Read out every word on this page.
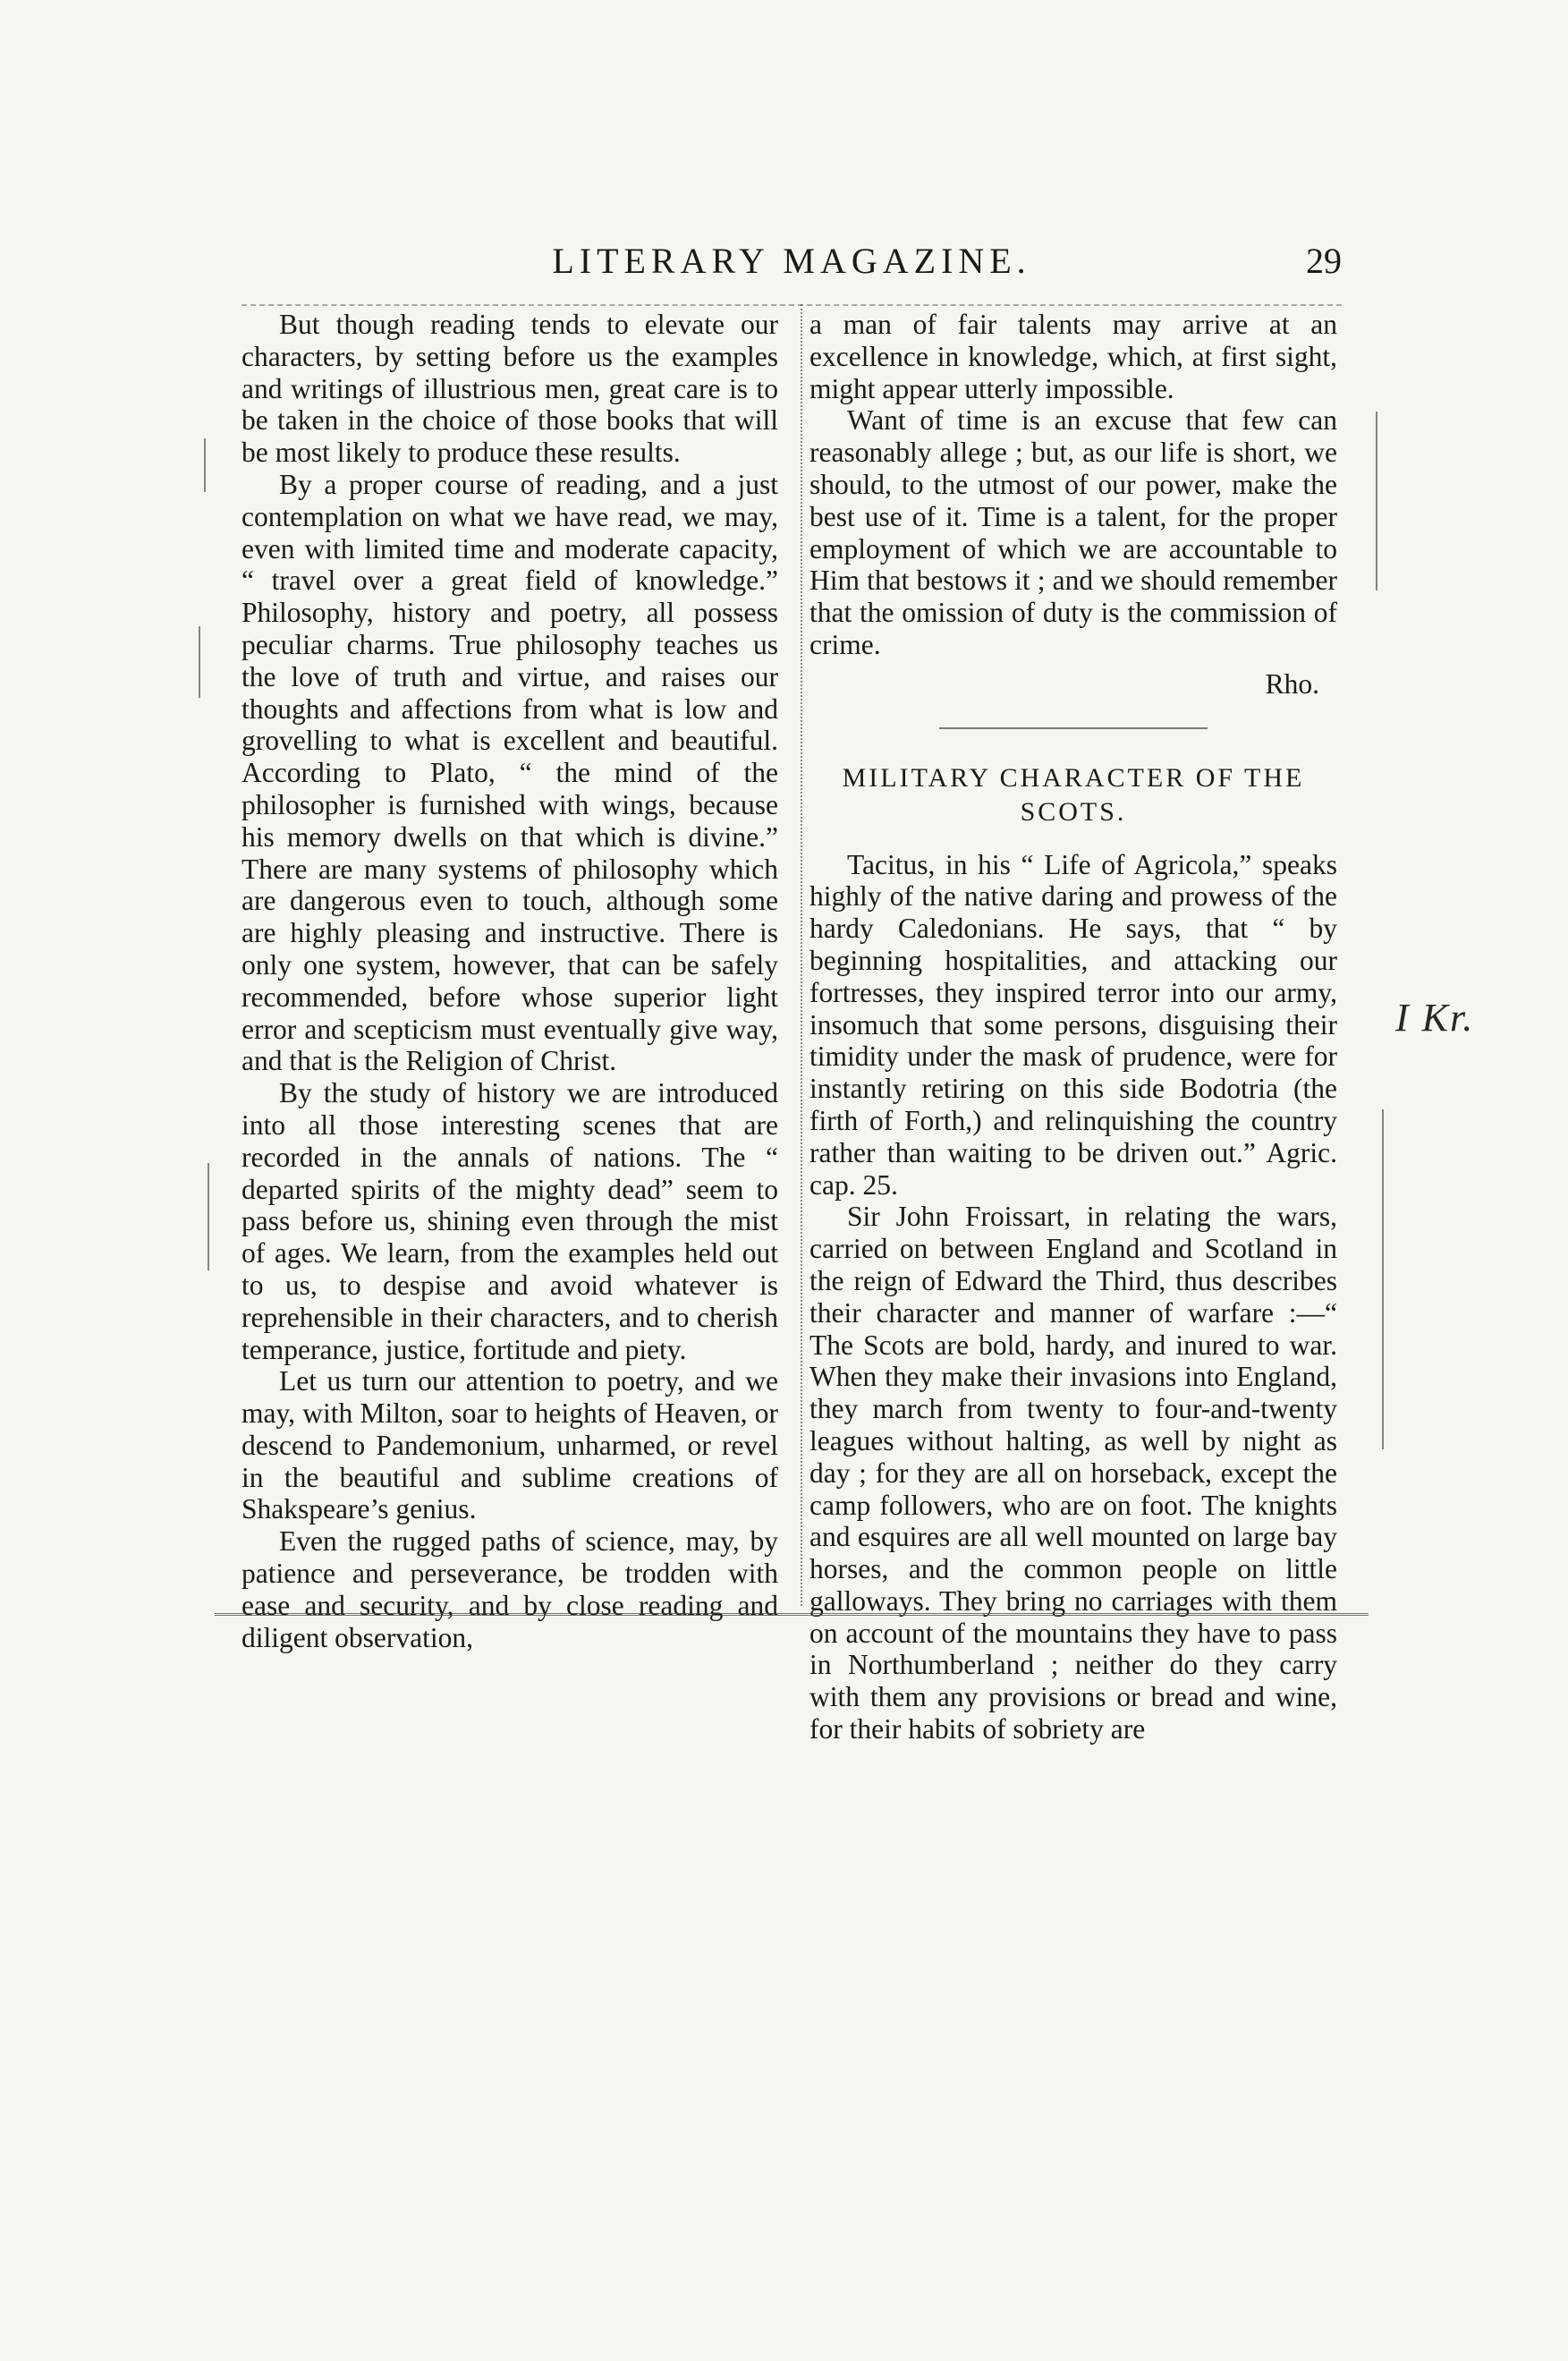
LITERARY MAGAZINE.	29

But though reading tends to elevate our characters, by setting before us the examples and writings of illustrious men, great care is to be taken in the choice of those books that will be most likely to produce these results.

By a proper course of reading, and a just contemplation on what we have read, we may, even with limited time and moderate capacity, “ travel over a great field of knowledge.” Philosophy, history and poetry, all possess peculiar charms. True philosophy teaches us the love of truth and virtue, and raises our thoughts and affections from what is low and grovelling to what is excellent and beautiful. According to Plato, “ the mind of the philosopher is furnished with wings, because his memory dwells on that which is divine.” There are many systems of philosophy which are dangerous even to touch, although some are highly pleasing and instructive. There is only one system, however, that can be safely recommended, before whose superior light error and scepticism must eventually give way, and that is the Religion of Christ.

By the study of history we are introduced into all those interesting scenes that are recorded in the annals of nations. The “ departed spirits of the mighty dead” seem to pass before us, shining even through the mist of ages. We learn, from the examples held out to us, to despise and avoid whatever is reprehensible in their characters, and to cherish temperance, justice, fortitude and piety.

Let us turn our attention to poetry, and we may, with Milton, soar to heights of Heaven, or descend to Pandemonium, unharmed, or revel in the beautiful and sublime creations of Shakspeare’s genius.

Even the rugged paths of science, may, by patience and perseverance, be trodden with ease and security, and by close reading and diligent observation,

a man of fair talents may arrive at an excellence in knowledge, which, at first sight, might appear utterly impossible.

Want of time is an excuse that few can reasonably allege ; but, as our life is short, we should, to the utmost of our power, make the best use of it. Time is a talent, for the proper employment of which we are accountable to Him that bestows it ; and we should remember that the omission of duty is the commission of crime.

Rho.
MILITARY CHARACTER OF THE SCOTS.

Tacitus, in his “ Life of Agricola,” speaks highly of the native daring and prowess of the hardy Caledonians. He says, that “ by beginning hospitalities, and attacking our fortresses, they inspired terror into our army, insomuch that some persons, disguising their timidity under the mask of prudence, were for instantly retiring on this side Bodotria (the firth of Forth,) and relinquishing the country rather than waiting to be driven out.” Agric. cap. 25.

Sir John Froissart, in relating the wars, carried on between England and Scotland in the reign of Edward the Third, thus describes their character and manner of warfare :—“ The Scots are bold, hardy, and inured to war. When they make their invasions into England, they march from twenty to four-and-twenty leagues without halting, as well by night as day ; for they are all on horseback, except the camp followers, who are on foot. The knights and esquires are all well mounted on large bay horses, and the common people on little galloways. They bring no carriages with them on account of the mountains they have to pass in Northumberland ; neither do they carry with them any provisions or bread and wine, for their habits of sobriety are

I Kr.
